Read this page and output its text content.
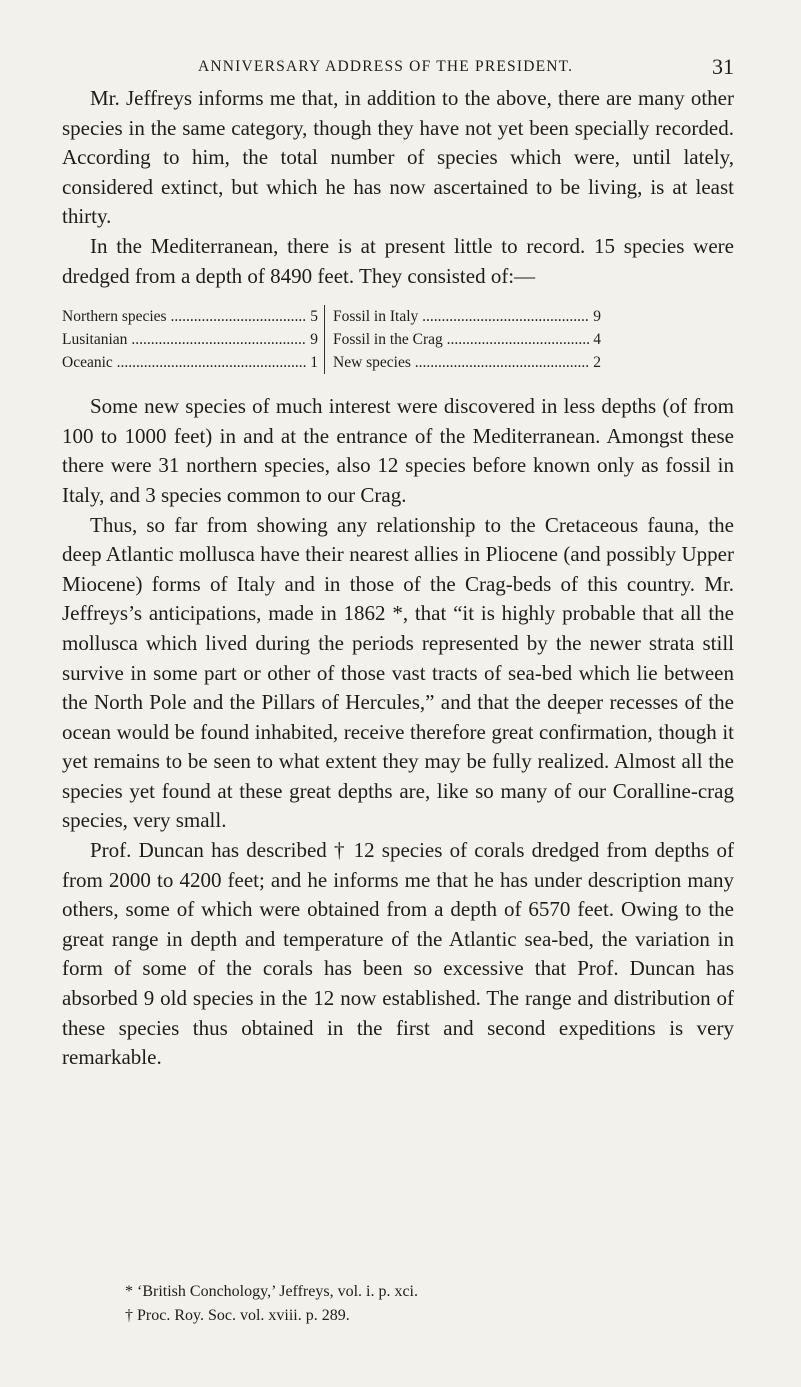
ANNIVERSARY ADDRESS OF THE PRESIDENT.	31

Mr. Jeffreys informs me that, in addition to the above, there are many other species in the same category, though they have not yet been specially recorded. According to him, the total number of species which were, until lately, considered extinct, but which he has now ascertained to be living, is at least thirty.

In the Mediterranean, there is at present little to record. 15 species were dredged from a depth of 8490 feet. They consisted of:—

Northern species .....	5
Lusitanian .....	9
Oceanic .....	1
Fossil in Italy .....	9
Fossil in the Crag .....	4
New species .....	2

Some new species of much interest were discovered in less depths (of from 100 to 1000 feet) in and at the entrance of the Mediterranean. Amongst these there were 31 northern species, also 12 species before known only as fossil in Italy, and 3 species common to our Crag.

Thus, so far from showing any relationship to the Cretaceous fauna, the deep Atlantic mollusca have their nearest allies in Pliocene (and possibly Upper Miocene) forms of Italy and in those of the Crag-beds of this country. Mr. Jeffreys’s anticipations, made in 1862 *, that “it is highly probable that all the mollusca which lived during the periods represented by the newer strata still survive in some part or other of those vast tracts of sea-bed which lie between the North Pole and the Pillars of Hercules,” and that the deeper recesses of the ocean would be found inhabited, receive therefore great confirmation, though it yet remains to be seen to what extent they may be fully realized. Almost all the species yet found at these great depths are, like so many of our Coralline-crag species, very small.

Prof. Duncan has described † 12 species of corals dredged from depths of from 2000 to 4200 feet; and he informs me that he has under description many others, some of which were obtained from a depth of 6570 feet. Owing to the great range in depth and temperature of the Atlantic sea-bed, the variation in form of some of the corals has been so excessive that Prof. Duncan has absorbed 9 old species in the 12 now established. The range and distribution of these species thus obtained in the first and second expeditions is very remarkable.

* ‘British Conchology,’ Jeffreys, vol. i. p. xci.
† Proc. Roy. Soc. vol. xviii. p. 289.
